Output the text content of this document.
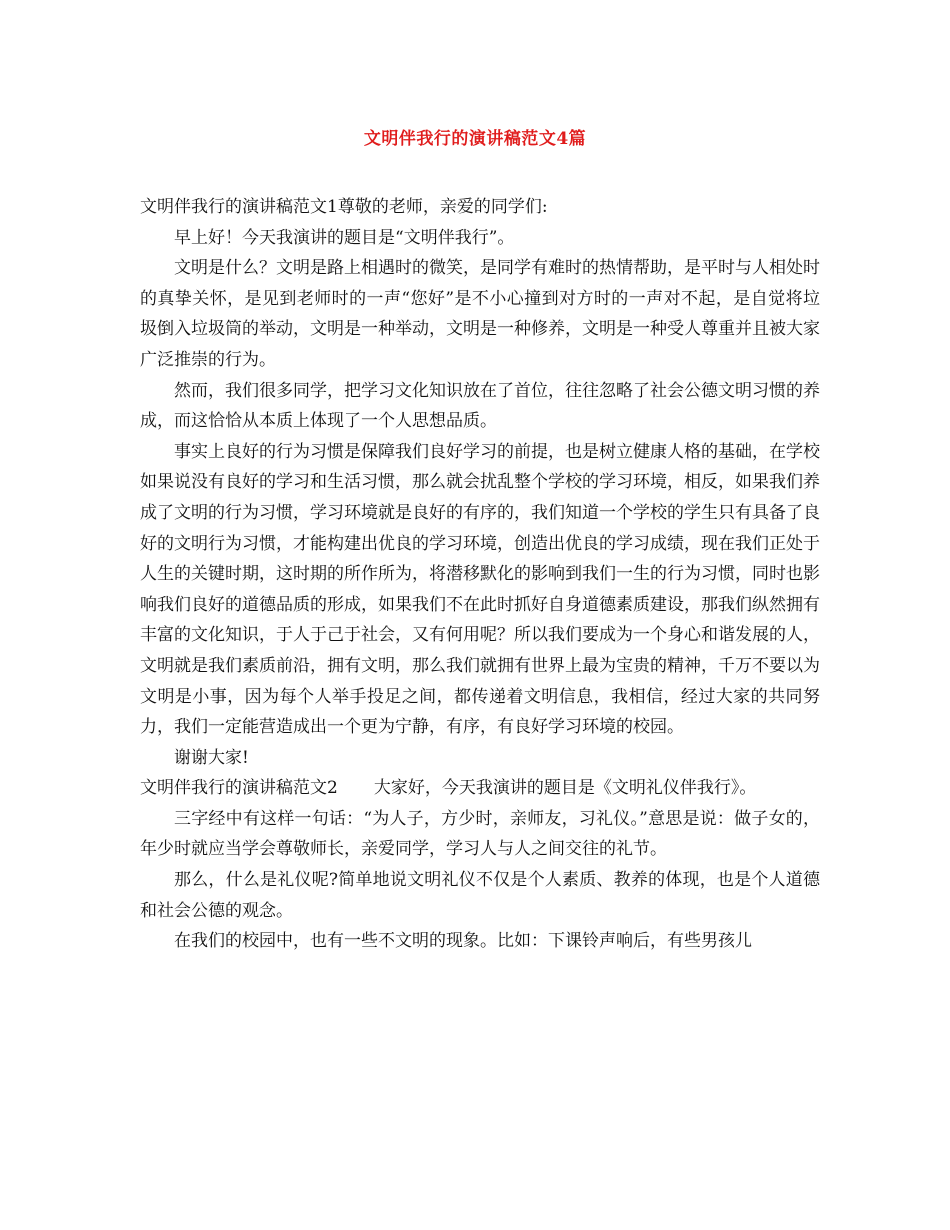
文明伴我行的演讲稿范文4篇

文明伴我行的演讲稿范文1尊敬的老师，亲爱的同学们:

早上好！今天我演讲的题目是“文明伴我行”。

文明是什么？文明是路上相遇时的微笑，是同学有难时的热情帮助，是平时与人相处时的真挚关怀，是见到老师时的一声“您好”是不小心撞到对方时的一声对不起，是自觉将垃圾倒入垃圾筒的举动，文明是一种举动，文明是一种修养，文明是一种受人尊重并且被大家广泛推崇的行为。

然而，我们很多同学，把学习文化知识放在了首位，往往忽略了社会公德文明习惯的养成，而这恰恰从本质上体现了一个人思想品质。

事实上良好的行为习惯是保障我们良好学习的前提，也是树立健康人格的基础，在学校如果说没有良好的学习和生活习惯，那么就会扰乱整个学校的学习环境，相反，如果我们养成了文明的行为习惯，学习环境就是良好的有序的，我们知道一个学校的学生只有具备了良好的文明行为习惯，才能构建出优良的学习环境，创造出优良的学习成绩，现在我们正处于人生的关键时期，这时期的所作所为，将潜移默化的影响到我们一生的行为习惯，同时也影响我们良好的道德品质的形成，如果我们不在此时抓好自身道德素质建设，那我们纵然拥有丰富的文化知识，于人于己于社会，又有何用呢？所以我们要成为一个身心和谐发展的人，文明就是我们素质前沿，拥有文明，那么我们就拥有世界上最为宝贵的精神，千万不要以为文明是小事，因为每个人举手投足之间，都传递着文明信息，我相信，经过大家的共同努力，我们一定能营造成出一个更为宁静，有序，有良好学习环境的校园。

谢谢大家!

文明伴我行的演讲稿范文2 大家好，今天我演讲的题目是《文明礼仪伴我行》。

三字经中有这样一句话：“为人子，方少时，亲师友，习礼仪。”意思是说：做子女的，年少时就应当学会尊敬师长，亲爱同学，学习人与人之间交往的礼节。

那么，什么是礼仪呢?简单地说文明礼仪不仅是个人素质、教养的体现，也是个人道德和社会公德的观念。

在我们的校园中，也有一些不文明的现象。比如：下课铃声响后，有些男孩儿
